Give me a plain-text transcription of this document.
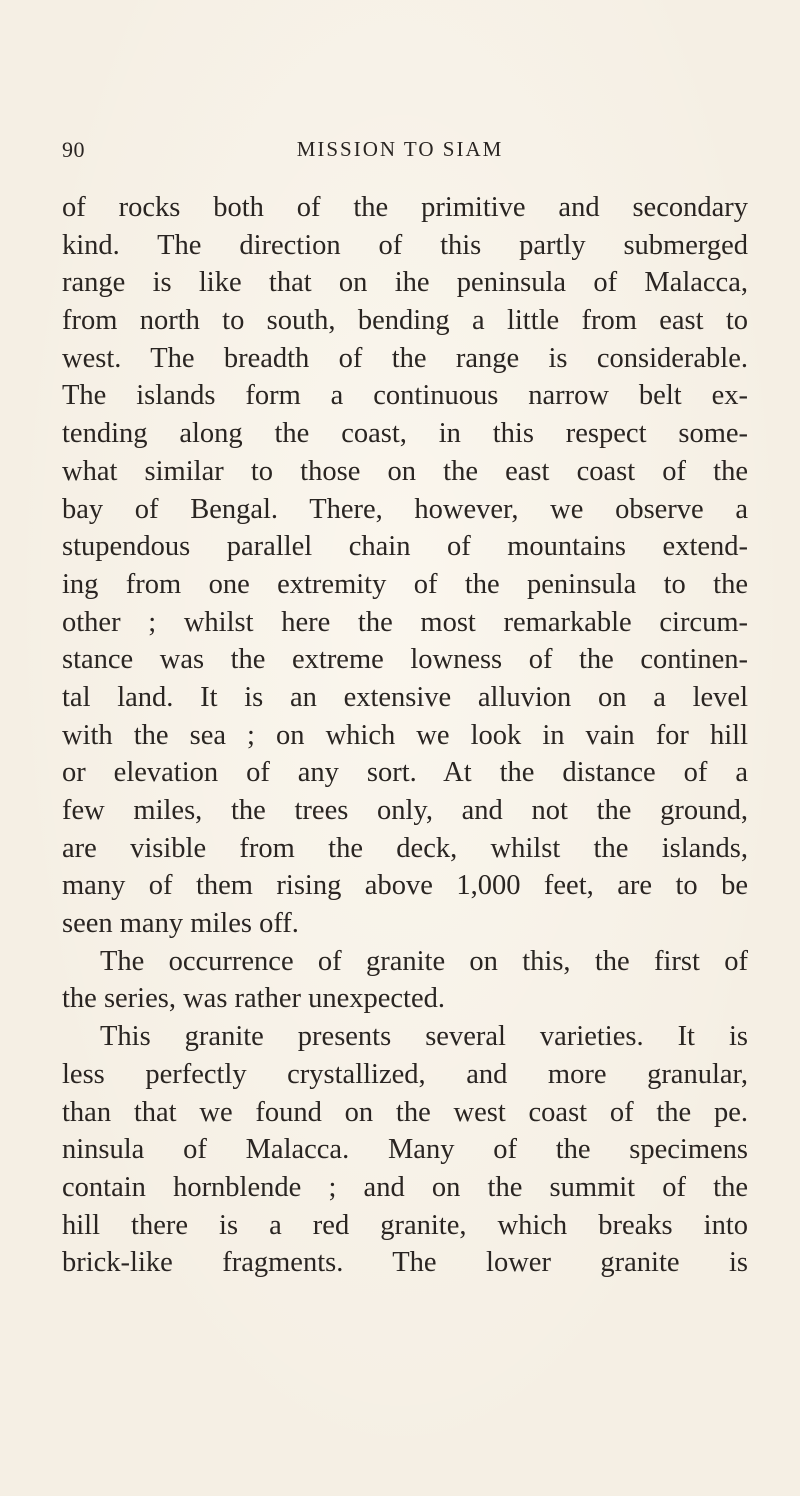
90	MISSION TO SIAM
of rocks both of the primitive and secondary
kind. The direction of this partly submerged
range is like that on ihe peninsula of Malacca,
from north to south, bending a little from east to
west. The breadth of the range is considerable.
The islands form a continuous narrow belt ex-
tending along the coast, in this respect some-
what similar to those on the east coast of the
bay of Bengal. There, however, we observe a
stupendous parallel chain of mountains extend-
ing from one extremity of the peninsula to the
other ; whilst here the most remarkable circum-
stance was the extreme lowness of the continen-
tal land. It is an extensive alluvion on a level
with the sea ; on which we look in vain for hill
or elevation of any sort. At the distance of a
few miles, the trees only, and not the ground,
are visible from the deck, whilst the islands,
many of them rising above 1,000 feet, are to be
seen many miles off.
The occurrence of granite on this, the first of
the series, was rather unexpected.
This granite presents several varieties. It is
less perfectly crystallized, and more granular,
than that we found on the west coast of the pe.
ninsula of Malacca. Many of the specimens
contain hornblende ; and on the summit of the
hill there is a red granite, which breaks into
brick-like fragments. The lower granite is
